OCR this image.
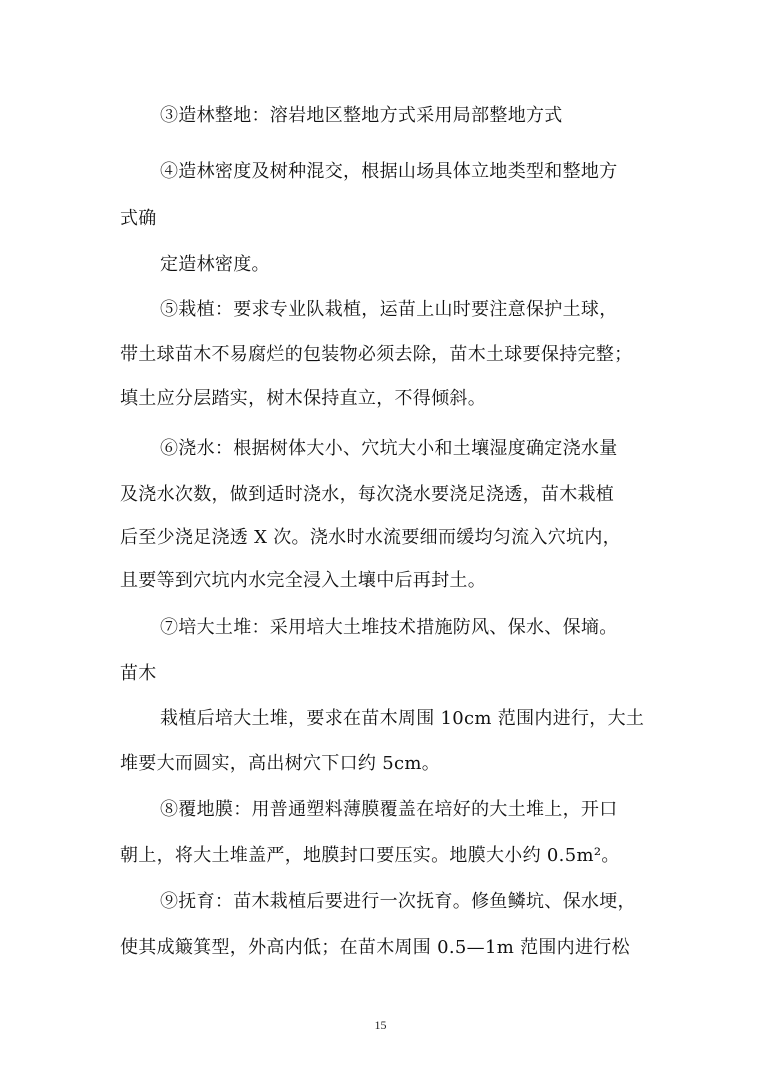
③造林整地：溶岩地区整地方式采用局部整地方式
④造林密度及树种混交，根据山场具体立地类型和整地方
式确
定造林密度。
⑤栽植：要求专业队栽植，运苗上山时要注意保护土球，
带土球苗木不易腐烂的包装物必须去除，苗木土球要保持完整；
填土应分层踏实，树木保持直立，不得倾斜。
⑥浇水：根据树体大小、穴坑大小和土壤湿度确定浇水量
及浇水次数，做到适时浇水，每次浇水要浇足浇透，苗木栽植
后至少浇足浇透 X 次。浇水时水流要细而缓均匀流入穴坑内，
且要等到穴坑内水完全浸入土壤中后再封土。
⑦培大土堆：采用培大土堆技术措施防风、保水、保墒。
苗木
栽植后培大土堆，要求在苗木周围 10cm 范围内进行，大土
堆要大而圆实，高出树穴下口约 5cm。
⑧覆地膜：用普通塑料薄膜覆盖在培好的大土堆上，开口
朝上，将大土堆盖严，地膜封口要压实。地膜大小约 0.5m²。
⑨抚育：苗木栽植后要进行一次抚育。修鱼鳞坑、保水埂，
使其成簸箕型，外高内低；在苗木周围 0.5—1m 范围内进行松
15
